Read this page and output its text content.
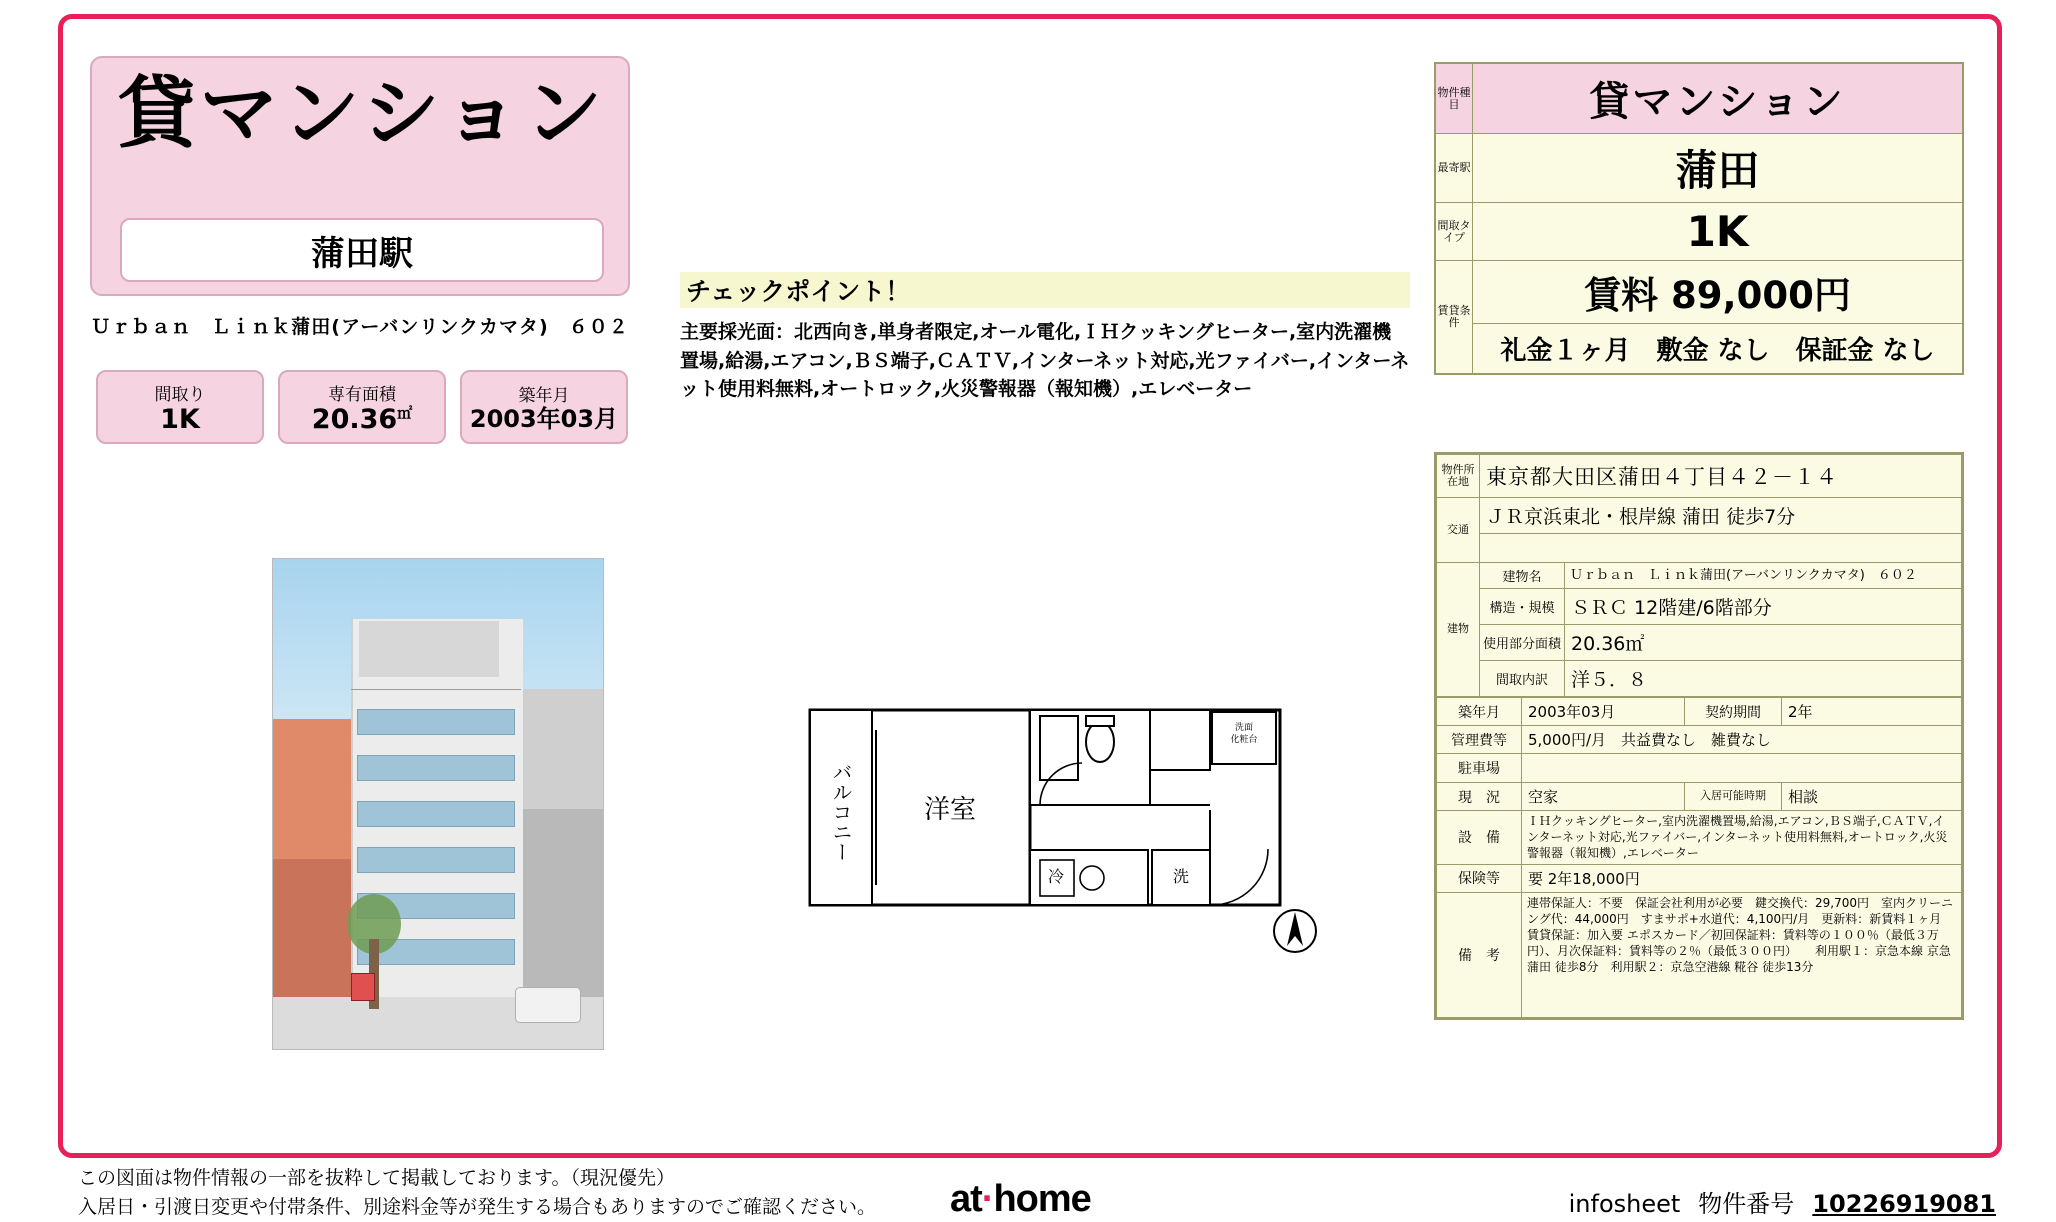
貸マンション
蒲田駅
Ｕｒｂａｎ　Ｌｉｎｋ蒲田(アーバンリンクカマタ)　６０２
間取り
1K
専有面積
20.36㎡
築年月
2003年03月
チェックポイント！
主要採光面：北西向き,単身者限定,オール電化,ＩＨクッキングヒーター,室内洗濯機置場,給湯,エアコン,ＢＳ端子,ＣＡＴＶ,インターネット対応,光ファイバー,インターネット使用料無料,オートロック,火災警報器（報知機）,エレベーター
洗面
化粧台
バルコニー	洋室
冷	洗
物件種目	貸マンション

最寄駅	蒲田

間取タイプ	1K

賃貸条件	賃料 89,000円
	礼金１ヶ月　敷金 なし　保証金 なし
物件所在地	東京都大田区蒲田４丁目４２－１４	
交通	ＪＲ京浜東北・根岸線 蒲田 徒歩7分	

建物	建物名	Ｕｒｂａｎ　Ｌｉｎｋ蒲田(アーバンリンクカマタ)　６０２
	構造・規模	ＳＲＣ 12階建/6階部分
	使用部分面積	20.36㎡
	間取内訳	洋５．８
築年月	2003年03月	契約期間	2年
管理費等	5,000円/月　共益費なし　雑費なし		
駐車場			
現　況	空家	入居可能時期	相談
設　備	ＩＨクッキングヒーター,室内洗濯機置場,給湯,エアコン,ＢＳ端子,ＣＡＴＶ,インターネット対応,光ファイバー,インターネット使用料無料,オートロック,火災警報器（報知機）,エレベーター		
保険等	要 2年18,000円		
備　考	連帯保証人：不要　保証会社利用が必要　鍵交換代：29,700円　室内クリーニング代：44,000円　すまサポ+水道代：4,100円/月　更新料：新賃料１ヶ月　賃貸保証：加入要 エポスカード／初回保証料：賃料等の１００％（最低３万円）、月次保証料：賃料等の２％（最低３００円）　　利用駅１：京急本線 京急蒲田 徒歩8分　利用駅２：京急空港線 糀谷 徒歩13分		
この図面は物件情報の一部を抜粋して掲載しております。（現況優先）
入居日・引渡日変更や付帯条件、別途料金等が発生する場合もありますのでご確認ください。 at·home	infosheet 物件番号 10226919081
